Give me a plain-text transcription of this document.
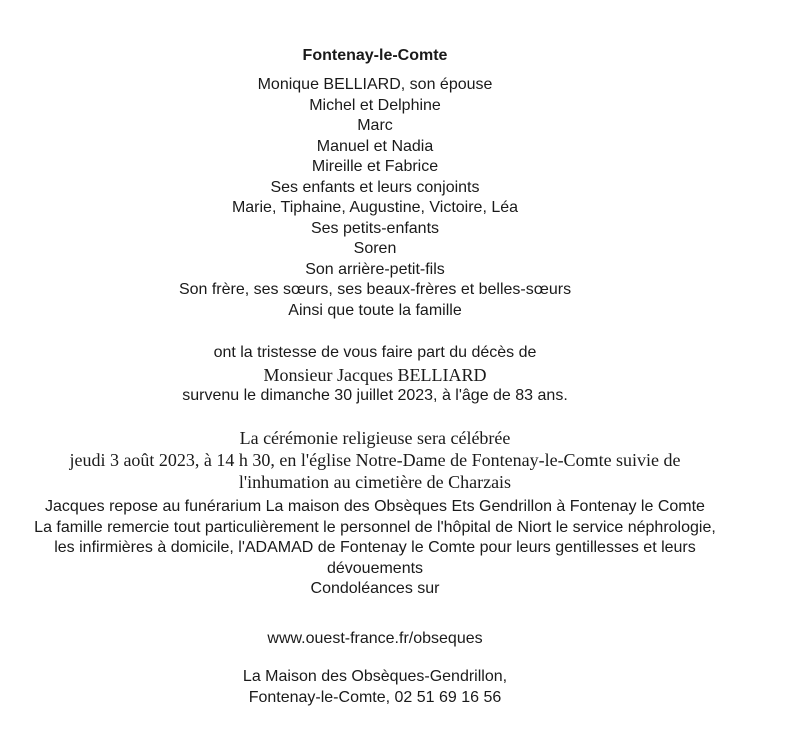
Fontenay-le-Comte
Monique BELLIARD, son épouse
Michel et Delphine
Marc
Manuel et Nadia
Mireille et Fabrice
Ses enfants et leurs conjoints
Marie, Tiphaine, Augustine, Victoire, Léa
Ses petits-enfants
Soren
Son arrière-petit-fils
Son frère, ses sœurs, ses beaux-frères et belles-sœurs
Ainsi que toute la famille
ont la tristesse de vous faire part du décès de
Monsieur Jacques BELLIARD
survenu le dimanche 30 juillet 2023, à l'âge de 83 ans.
La cérémonie religieuse sera célébrée
jeudi 3 août 2023, à 14 h 30, en l'église Notre-Dame de Fontenay-le-Comte suivie de
l'inhumation au cimetière de Charzais
Jacques repose au funérarium La maison des Obsèques Ets Gendrillon à Fontenay le Comte
La famille remercie tout particulièrement le personnel de l'hôpital de Niort le service néphrologie,
les infirmières à domicile, l'ADAMAD de Fontenay le Comte pour leurs gentillesses et leurs
dévouements
Condoléances sur
www.ouest-france.fr/obseques
La Maison des Obsèques-Gendrillon,
Fontenay-le-Comte, 02 51 69 16 56
